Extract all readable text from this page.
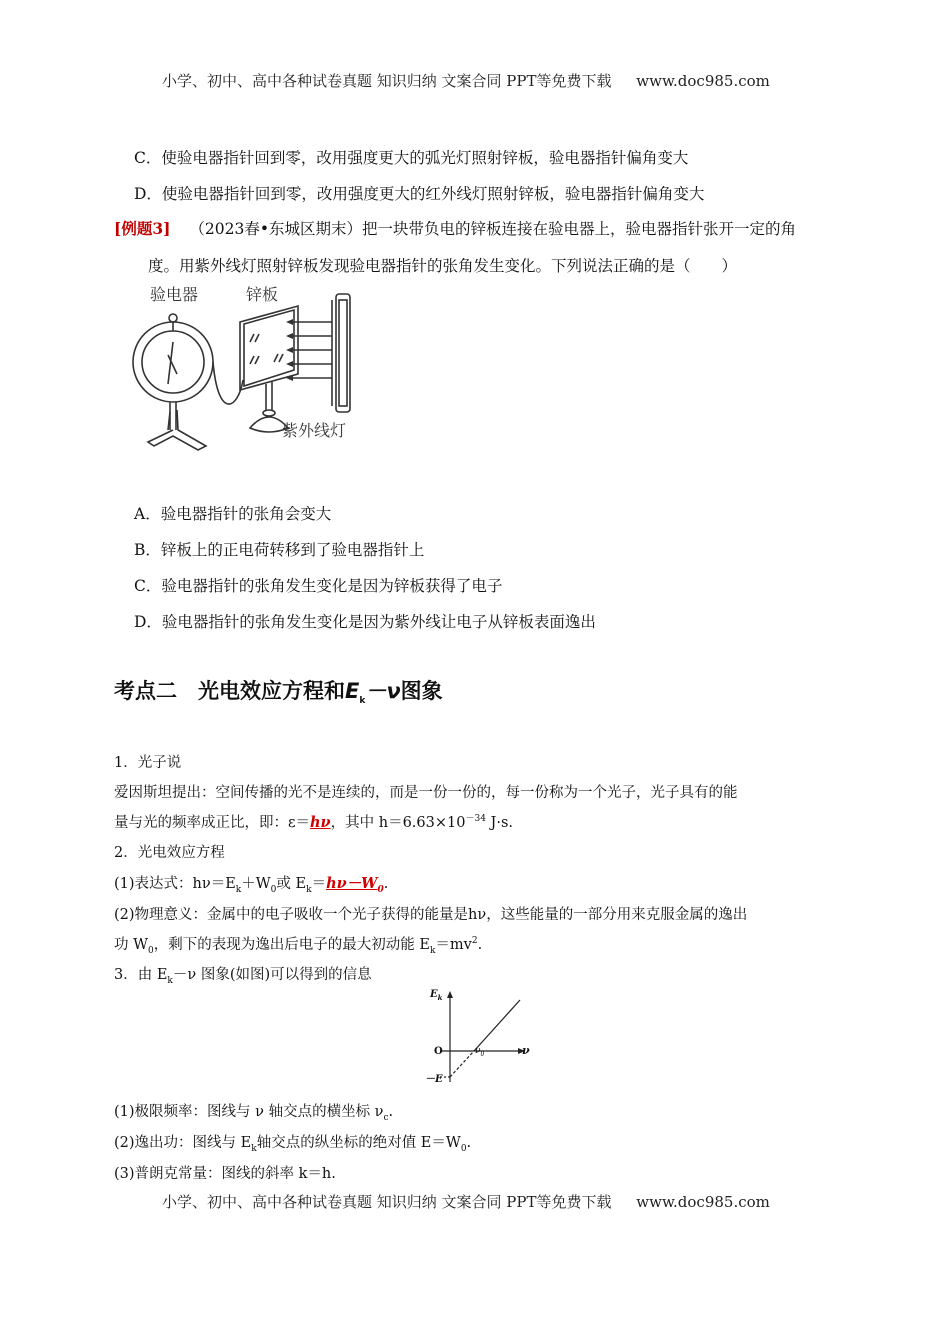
小学、初中、高中各种试卷真题 知识归纳 文案合同 PPT等免费下载 www.doc985.com
C．使验电器指针回到零，改用强度更大的弧光灯照射锌板，验电器指针偏角变大
D．使验电器指针回到零，改用强度更大的红外线灯照射锌板，验电器指针偏角变大
[例题3] （2023春•东城区期末）把一块带负电的锌板连接在验电器上，验电器指针张开一定的角
度。用紫外线灯照射锌板发现验电器指针的张角发生变化。下列说法正确的是（　　）
验电器	锌板
紫外线灯
A．验电器指针的张角会变大
B．锌板上的正电荷转移到了验电器指针上
C．验电器指针的张角发生变化是因为锌板获得了电子
D．验电器指针的张角发生变化是因为紫外线让电子从锌板表面逸出
考点二　光电效应方程和$E_k-\nu$图象
1．光子说
爱因斯坦提出：空间传播的光不是连续的，而是一份一份的，每一份称为一个光子，光子具有的能
量与光的频率成正比，即：ε＝hν，其中 $h=6.63\times 10^{-34}$ J·s.
2．光电效应方程
(1)表达式：$h\nu=E_k+W_0$或 $E_k=h\nu-W_0$.
(2)物理意义：金属中的电子吸收一个光子获得的能量是hν，这些能量的一部分用来克服金属的逸出
功 $W_0$，剩下的表现为逸出后电子的最大初动能 $E_k=mv^2$.
3．由 $E_k-\nu$ 图象(如图)可以得到的信息
$E_k$
ν
O	$\nu_0$
－E
(1)极限频率：图线与 ν 轴交点的横坐标 $\nu_c$.
(2)逸出功：图线与 $E_k$轴交点的纵坐标的绝对值 $E=W_0$.
(3)普朗克常量：图线的斜率 k＝h.
小学、初中、高中各种试卷真题 知识归纳 文案合同 PPT等免费下载 www.doc985.com
